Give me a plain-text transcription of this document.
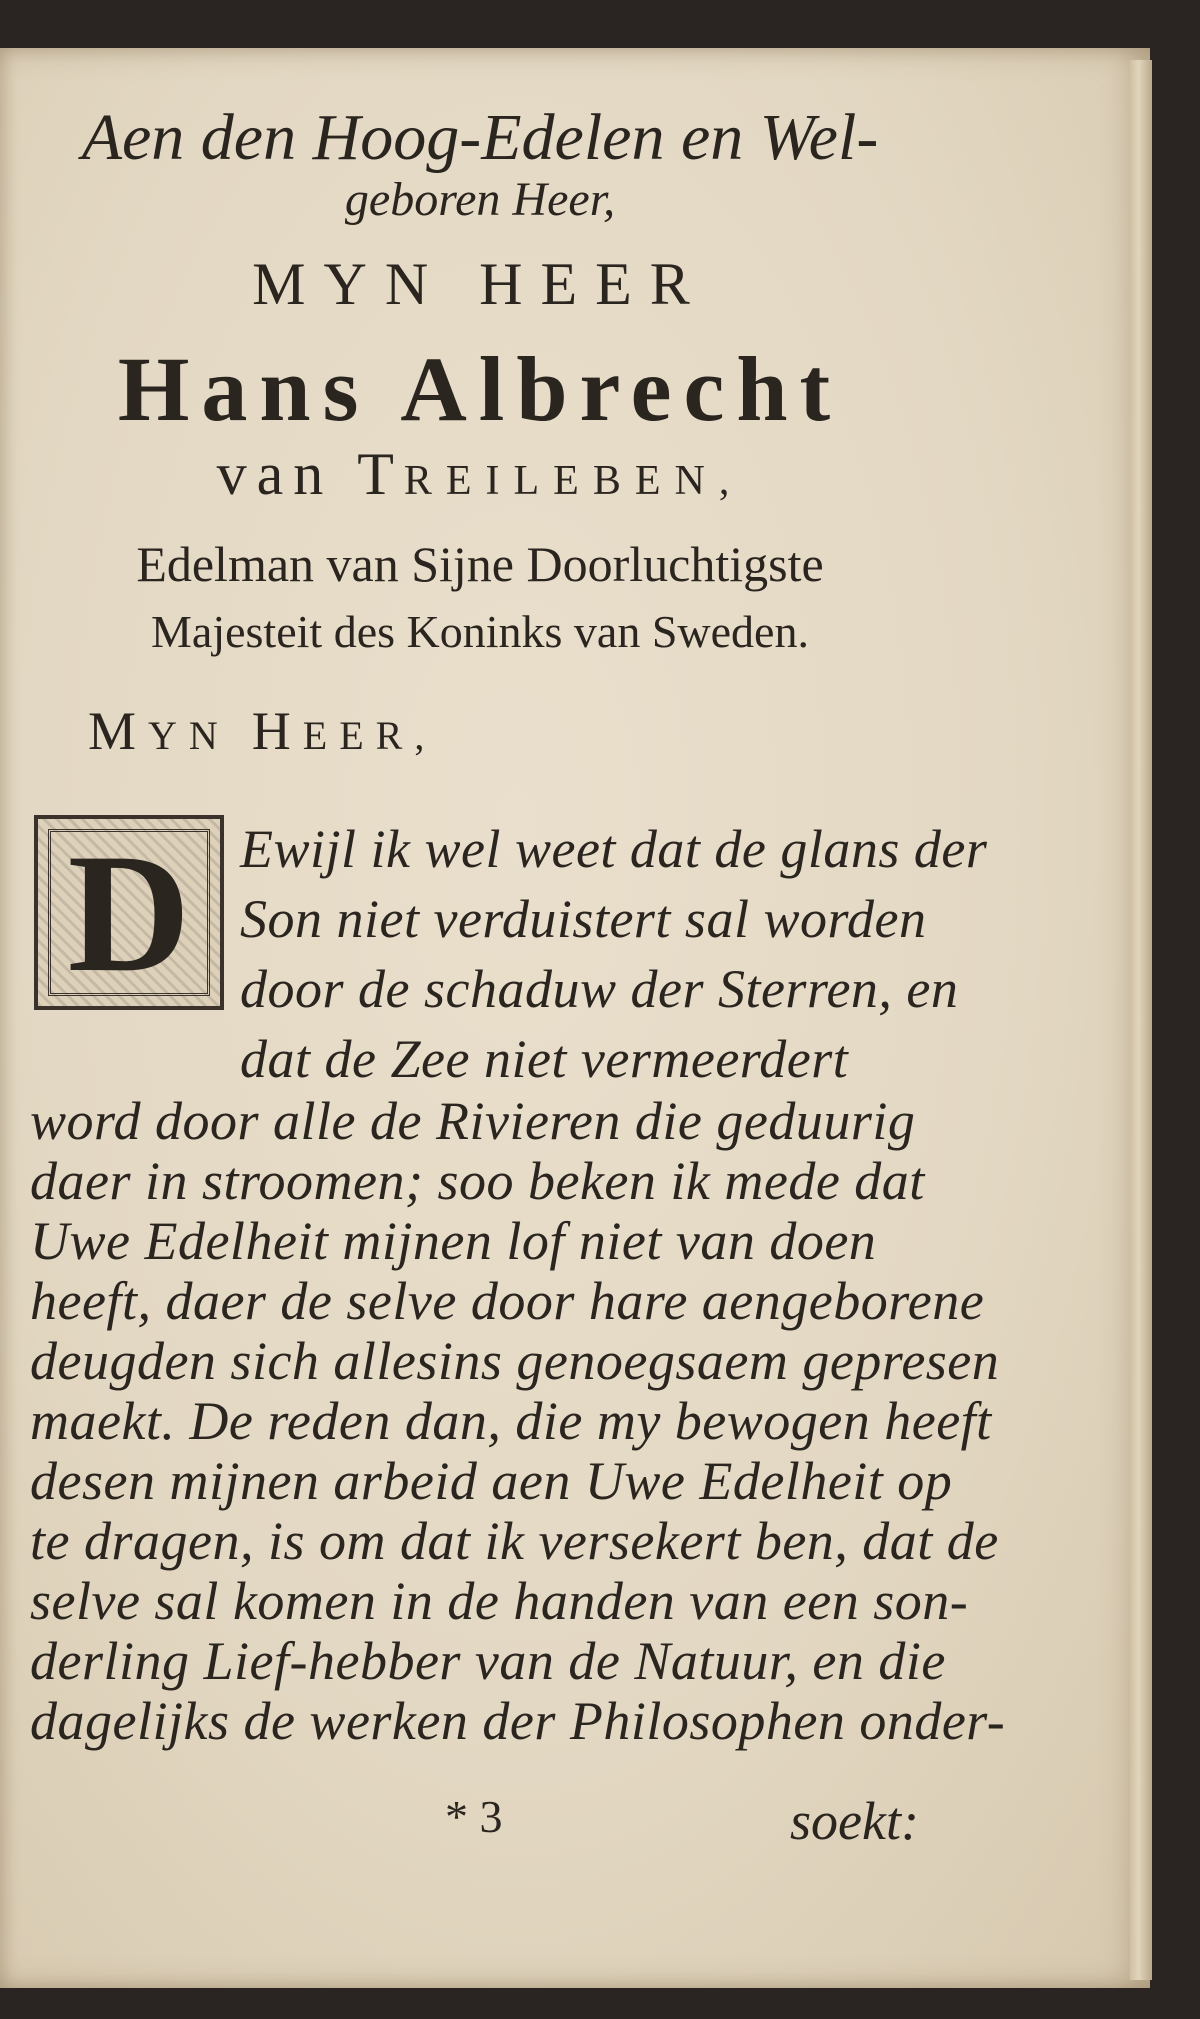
Aen den Hoog-Edelen en Wel-
geboren Heer,
MYN HEER
Hans Albrecht
van TREILEBEN,
Edelman van Sijne Doorluchtigste
Majesteit des Koninks van Sweden.
MYN HEER,
D Ewijl ik wel weet dat de glans der
Son niet verduistert sal worden
door de schaduw der Sterren, en
dat de Zee niet vermeerdert
word door alle de Rivieren die geduurig
daer in stroomen; soo beken ik mede dat
Uwe Edelheit mijnen lof niet van doen
heeft, daer de selve door hare aengeborene
deugden sich allesins genoegsaem gepresen
maekt. De reden dan, die my bewogen heeft
desen mijnen arbeid aen Uwe Edelheit op
te dragen, is om dat ik versekert ben, dat de
selve sal komen in de handen van een son-
derling Lief-hebber van de Natuur, en die
dagelijks de werken der Philosophen onder-
* 3	soekt:
